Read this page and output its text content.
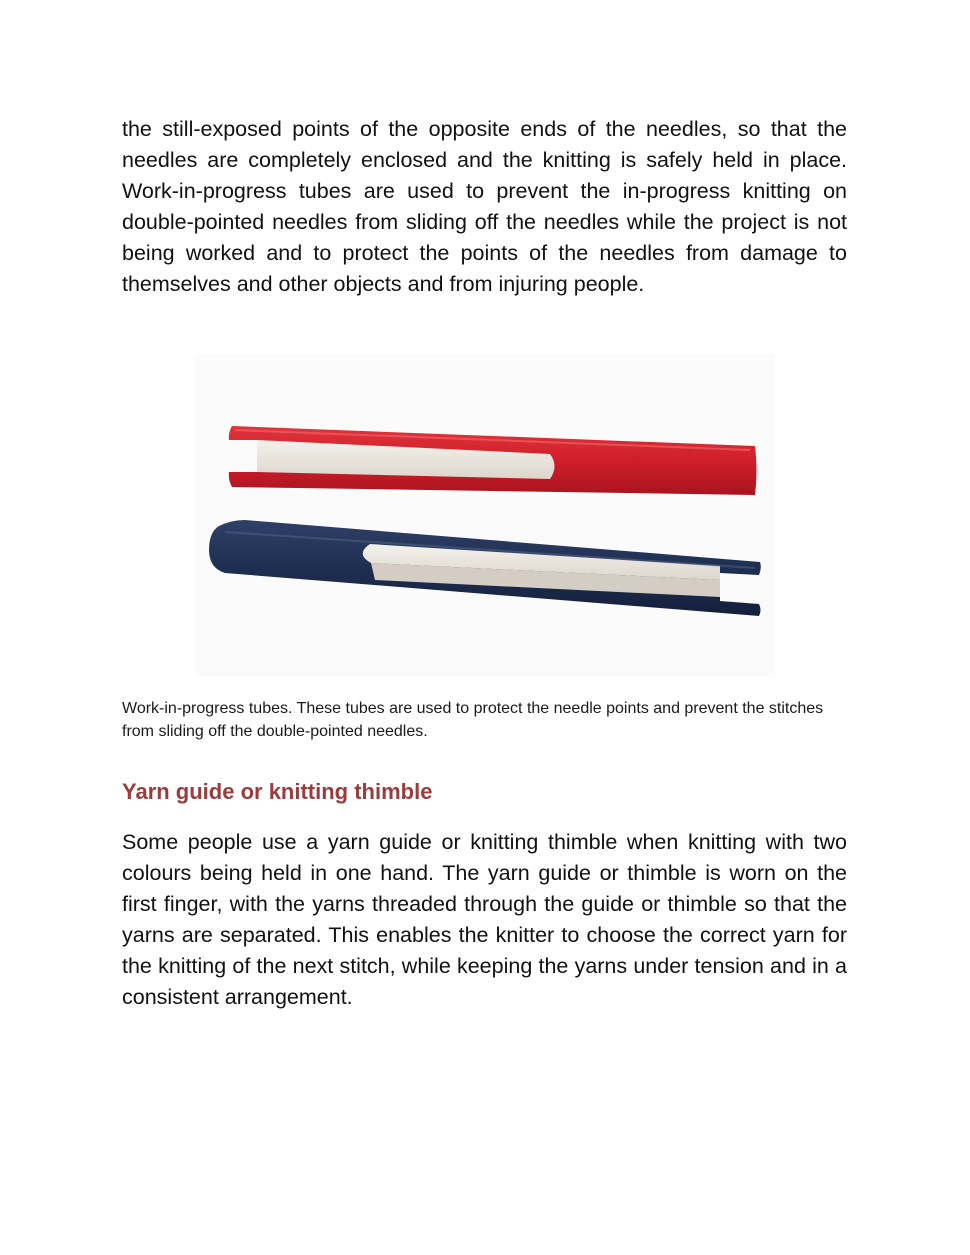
the still-exposed points of the opposite ends of the needles, so that the needles are completely enclosed and the knitting is safely held in place. Work-in-progress tubes are used to prevent the in-progress knitting on double-pointed needles from sliding off the needles while the project is not being worked and to protect the points of the needles from damage to themselves and other objects and from injuring people.

Work-in-progress tubes. These tubes are used to protect the needle points and prevent the stitches from sliding off the double-pointed needles.

Yarn guide or knitting thimble

Some people use a yarn guide or knitting thimble when knitting with two colours being held in one hand. The yarn guide or thimble is worn on the first finger, with the yarns threaded through the guide or thimble so that the yarns are separated. This enables the knitter to choose the correct yarn for the knitting of the next stitch, while keeping the yarns under tension and in a consistent arrangement.
